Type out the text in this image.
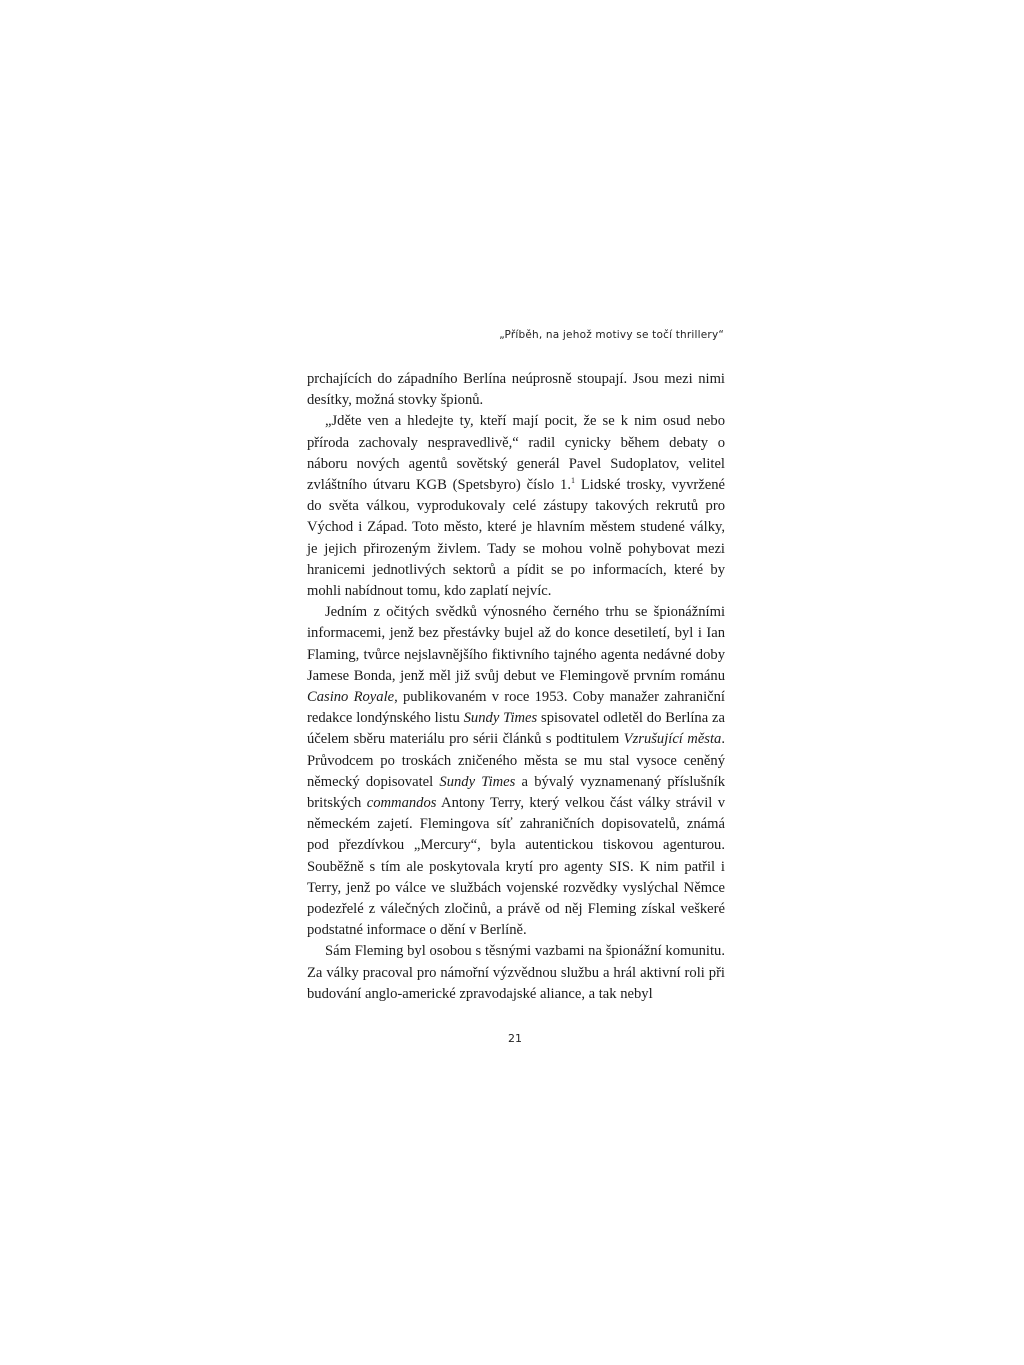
„Příběh, na jehož motivy se točí thrillery“

prchajících do západního Berlína neúprosně stoupají. Jsou mezi nimi desítky, možná stovky špionů.

„Jděte ven a hledejte ty, kteří mají pocit, že se k nim osud nebo příroda zachovaly nespravedlivě,“ radil cynicky během debaty o náboru nových agentů sovětský generál Pavel Sudoplatov, velitel zvláštního útvaru KGB (Spetsbyro) číslo 1.$^1$ Lidské trosky, vyvržené do světa válkou, vyprodukovaly celé zástupy takových rekrutů pro Východ i Západ. Toto město, které je hlavním městem studené války, je jejich přirozeným živlem. Tady se mohou volně pohybovat mezi hranicemi jednotlivých sektorů a pídit se po informacích, které by mohli nabídnout tomu, kdo zaplatí nejvíc.

Jedním z očitých svědků výnosného černého trhu se špionážními informacemi, jenž bez přestávky bujel až do konce desetiletí, byl i Ian Flaming, tvůrce nejslavnějšího fiktivního tajného agenta nedávné doby Jamese Bonda, jenž měl již svůj debut ve Flemingově prvním románu Casino Royale, publikovaném v roce 1953. Coby manažer zahraniční redakce londýnského listu Sundy Times spisovatel odletěl do Berlína za účelem sběru materiálu pro sérii článků s podtitulem Vzrušující města. Průvodcem po troskách zničeného města se mu stal vysoce ceněný německý dopisovatel Sundy Times a bývalý vyznamenaný příslušník britských commandos Antony Terry, který velkou část války strávil v německém zajetí. Flemingova síť zahraničních dopisovatelů, známá pod přezdívkou „Mercury“, byla autentickou tiskovou agenturou. Souběžně s tím ale poskytovala krytí pro agenty SIS. K nim patřil i Terry, jenž po válce ve službách vojenské rozvědky vyslýchal Němce podezřelé z válečných zločinů, a právě od něj Fleming získal veškeré podstatné informace o dění v Berlíně.

Sám Fleming byl osobou s těsnými vazbami na špionážní komunitu. Za války pracoval pro námořní výzvědnou službu a hrál aktivní roli při budování anglo-americké zpravodajské aliance, a tak nebyl

21
